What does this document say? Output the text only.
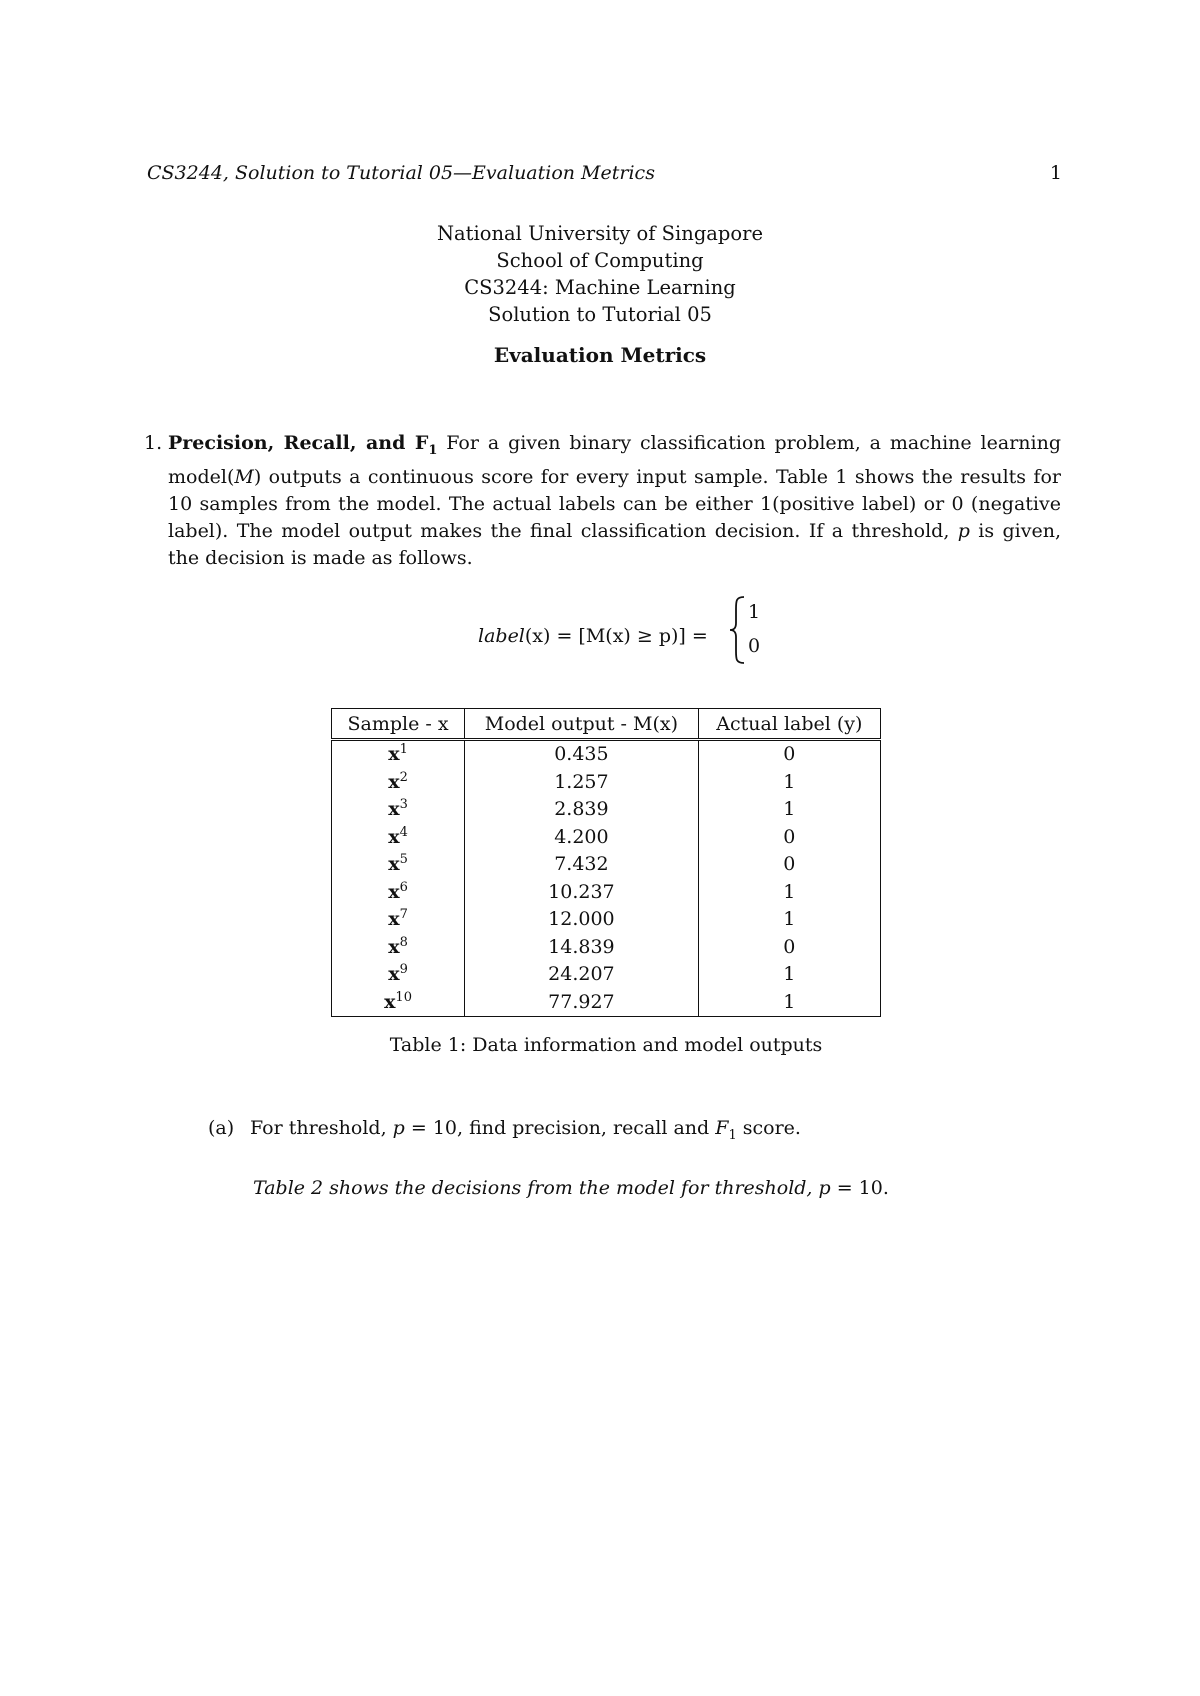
CS3244, Solution to Tutorial 05—Evaluation Metrics	1
National University of Singapore
School of Computing
CS3244: Machine Learning
Solution to Tutorial 05
Evaluation Metrics
1. Precision, Recall, and $F_1$ For a given binary classification problem, a machine learning model(M) outputs a continuous score for every input sample. Table 1 shows the results for 10 samples from the model. The actual labels can be either 1(positive label) or 0 (negative label). The model output makes the final classification decision. If a threshold, p is given, the decision is made as follows.

label(x) = [M(x) ≥ p)] =
1
0
Sample - x	Model output - M(x)	Actual label (y)
$x^1$	0.435	0
$x^2$	1.257	1
$x^3$	2.839	1
$x^4$	4.200	0
$x^5$	7.432	0
$x^6$	10.237	1
$x^7$	12.000	1
$x^8$	14.839	0
$x^9$	24.207	1
$x^{10}$	77.927	1
Table 1: Data information and model outputs
(a) For threshold, p = 10, find precision, recall and $F_1$ score.
Table 2 shows the decisions from the model for threshold, p = 10.
